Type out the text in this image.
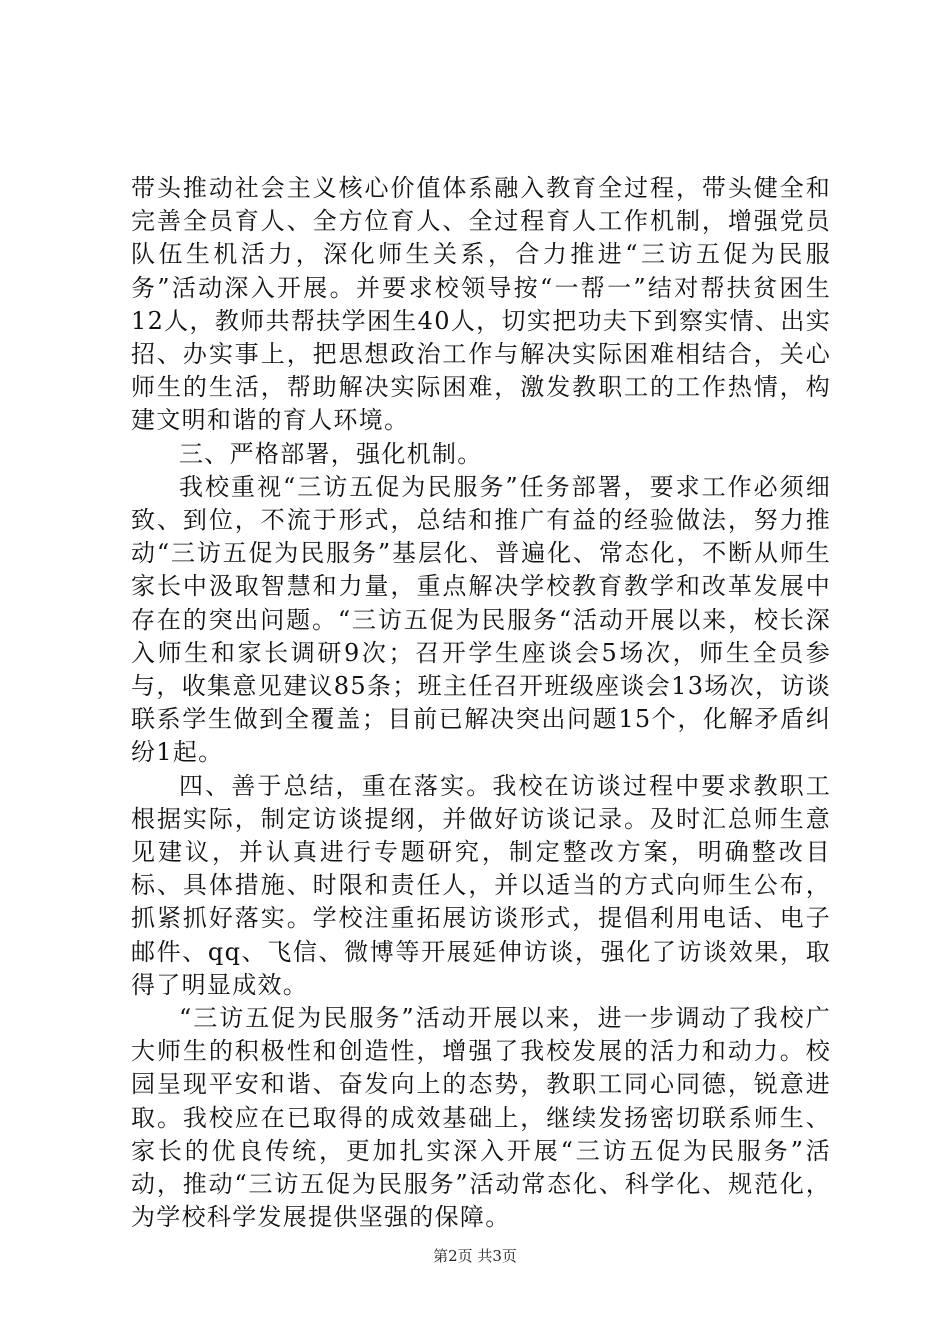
带头推动社会主义核心价值体系融入教育全过程，带头健全和完善全员育人、全方位育人、全过程育人工作机制，增强党员队伍生机活力，深化师生关系，合力推进“三访五促为民服务”活动深入开展。并要求校领导按“一帮一”结对帮扶贫困生12人，教师共帮扶学困生40人，切实把功夫下到察实情、出实招、办实事上，把思想政治工作与解决实际困难相结合，关心师生的生活，帮助解决实际困难，激发教职工的工作热情，构建文明和谐的育人环境。

三、严格部署，强化机制。

我校重视“三访五促为民服务”任务部署，要求工作必须细致、到位，不流于形式，总结和推广有益的经验做法，努力推动“三访五促为民服务”基层化、普遍化、常态化，不断从师生家长中汲取智慧和力量，重点解决学校教育教学和改革发展中存在的突出问题。“三访五促为民服务“活动开展以来，校长深入师生和家长调研9次；召开学生座谈会5场次，师生全员参与，收集意见建议85条；班主任召开班级座谈会13场次，访谈联系学生做到全覆盖；目前已解决突出问题15个，化解矛盾纠纷1起。

四、善于总结，重在落实。我校在访谈过程中要求教职工根据实际，制定访谈提纲，并做好访谈记录。及时汇总师生意见建议，并认真进行专题研究，制定整改方案，明确整改目标、具体措施、时限和责任人，并以适当的方式向师生公布，抓紧抓好落实。学校注重拓展访谈形式，提倡利用电话、电子邮件、qq、飞信、微博等开展延伸访谈，强化了访谈效果，取得了明显成效。

“三访五促为民服务”活动开展以来，进一步调动了我校广大师生的积极性和创造性，增强了我校发展的活力和动力。校园呈现平安和谐、奋发向上的态势，教职工同心同德，锐意进取。我校应在已取得的成效基础上，继续发扬密切联系师生、家长的优良传统，更加扎实深入开展“三访五促为民服务”活动，推动“三访五促为民服务”活动常态化、科学化、规范化，为学校科学发展提供坚强的保障。

第2页 共3页
